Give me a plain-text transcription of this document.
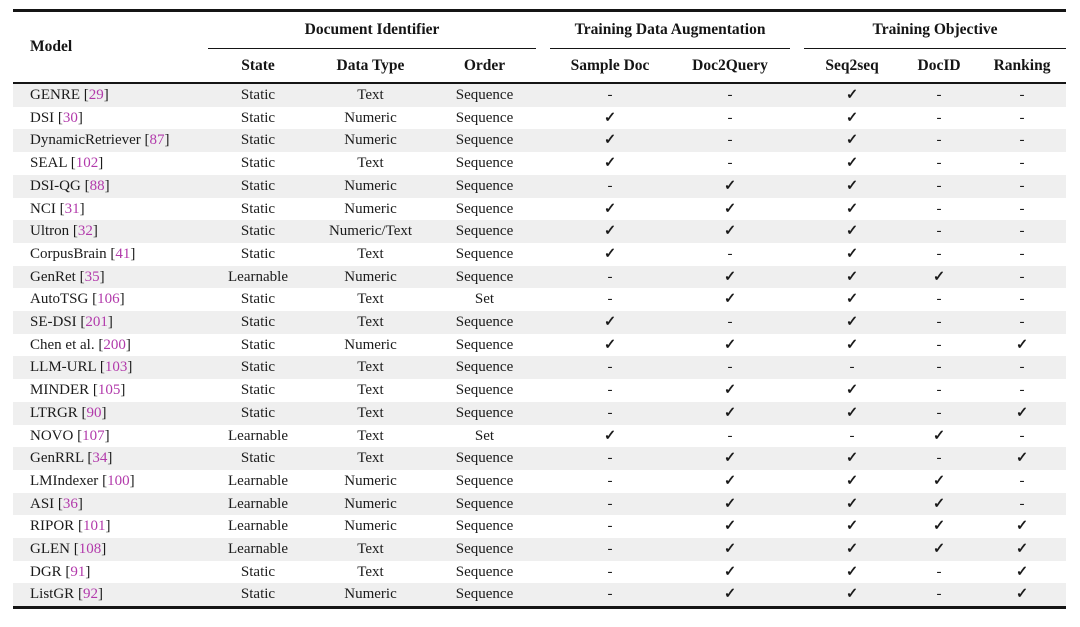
Model	Document Identifier				Training Data Augmentation			Training Objective		
	State	Data Type	Order		Sample Doc	Doc2Query		Seq2seq	DocID	Ranking
GENRE [29]	Static	Text	Sequence		-	-		✓	-	-
DSI [30]	Static	Numeric	Sequence		✓	-		✓	-	-
DynamicRetriever [87]	Static	Numeric	Sequence		✓	-		✓	-	-
SEAL [102]	Static	Text	Sequence		✓	-		✓	-	-
DSI-QG [88]	Static	Numeric	Sequence		-	✓		✓	-	-
NCI [31]	Static	Numeric	Sequence		✓	✓		✓	-	-
Ultron [32]	Static	Numeric/Text	Sequence		✓	✓		✓	-	-
CorpusBrain [41]	Static	Text	Sequence		✓	-		✓	-	-
GenRet [35]	Learnable	Numeric	Sequence		-	✓		✓	✓	-
AutoTSG [106]	Static	Text	Set		-	✓		✓	-	-
SE-DSI [201]	Static	Text	Sequence		✓	-		✓	-	-
Chen et al. [200]	Static	Numeric	Sequence		✓	✓		✓	-	✓
LLM-URL [103]	Static	Text	Sequence		-	-		-	-	-
MINDER [105]	Static	Text	Sequence		-	✓		✓	-	-
LTRGR [90]	Static	Text	Sequence		-	✓		✓	-	✓
NOVO [107]	Learnable	Text	Set		✓	-		-	✓	-
GenRRL [34]	Static	Text	Sequence		-	✓		✓	-	✓
LMIndexer [100]	Learnable	Numeric	Sequence		-	✓		✓	✓	-
ASI [36]	Learnable	Numeric	Sequence		-	✓		✓	✓	-
RIPOR [101]	Learnable	Numeric	Sequence		-	✓		✓	✓	✓
GLEN [108]	Learnable	Text	Sequence		-	✓		✓	✓	✓
DGR [91]	Static	Text	Sequence		-	✓		✓	-	✓
ListGR [92]	Static	Numeric	Sequence		-	✓		✓	-	✓
